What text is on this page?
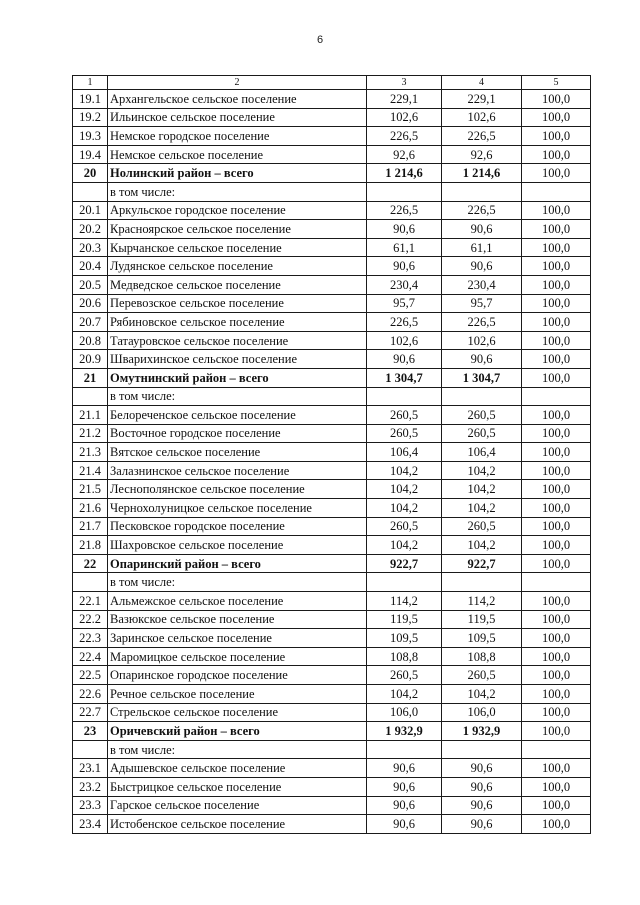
6
1	2	3	4	5
19.1	Архангельское сельское поселение	229,1	229,1	100,0
19.2	Ильинское сельское поселение	102,6	102,6	100,0
19.3	Немское городское поселение	226,5	226,5	100,0
19.4	Немское сельское поселение	92,6	92,6	100,0
20	Нолинский район – всего	1 214,6	1 214,6	100,0
	в том числе:			
20.1	Аркульское городское поселение	226,5	226,5	100,0
20.2	Красноярское сельское поселение	90,6	90,6	100,0
20.3	Кырчанское сельское поселение	61,1	61,1	100,0
20.4	Лудянское сельское поселение	90,6	90,6	100,0
20.5	Медведское сельское поселение	230,4	230,4	100,0
20.6	Перевозское сельское поселение	95,7	95,7	100,0
20.7	Рябиновское сельское поселение	226,5	226,5	100,0
20.8	Татауровское сельское поселение	102,6	102,6	100,0
20.9	Шварихинское сельское поселение	90,6	90,6	100,0
21	Омутнинский район – всего	1 304,7	1 304,7	100,0
	в том числе:			
21.1	Белореченское сельское поселение	260,5	260,5	100,0
21.2	Восточное городское поселение	260,5	260,5	100,0
21.3	Вятское сельское поселение	106,4	106,4	100,0
21.4	Залазнинское сельское поселение	104,2	104,2	100,0
21.5	Леснополянское сельское поселение	104,2	104,2	100,0
21.6	Чернохолуницкое сельское поселение	104,2	104,2	100,0
21.7	Песковское городское поселение	260,5	260,5	100,0
21.8	Шахровское сельское поселение	104,2	104,2	100,0
22	Опаринский район – всего	922,7	922,7	100,0
	в том числе:			
22.1	Альмежское сельское поселение	114,2	114,2	100,0
22.2	Вазюкское сельское поселение	119,5	119,5	100,0
22.3	Заринское сельское поселение	109,5	109,5	100,0
22.4	Маромицкое сельское поселение	108,8	108,8	100,0
22.5	Опаринское городское поселение	260,5	260,5	100,0
22.6	Речное сельское поселение	104,2	104,2	100,0
22.7	Стрельское сельское поселение	106,0	106,0	100,0
23	Оричевский район – всего	1 932,9	1 932,9	100,0
	в том числе:			
23.1	Адышевское сельское поселение	90,6	90,6	100,0
23.2	Быстрицкое сельское поселение	90,6	90,6	100,0
23.3	Гарское сельское поселение	90,6	90,6	100,0
23.4	Истобенское сельское поселение	90,6	90,6	100,0
